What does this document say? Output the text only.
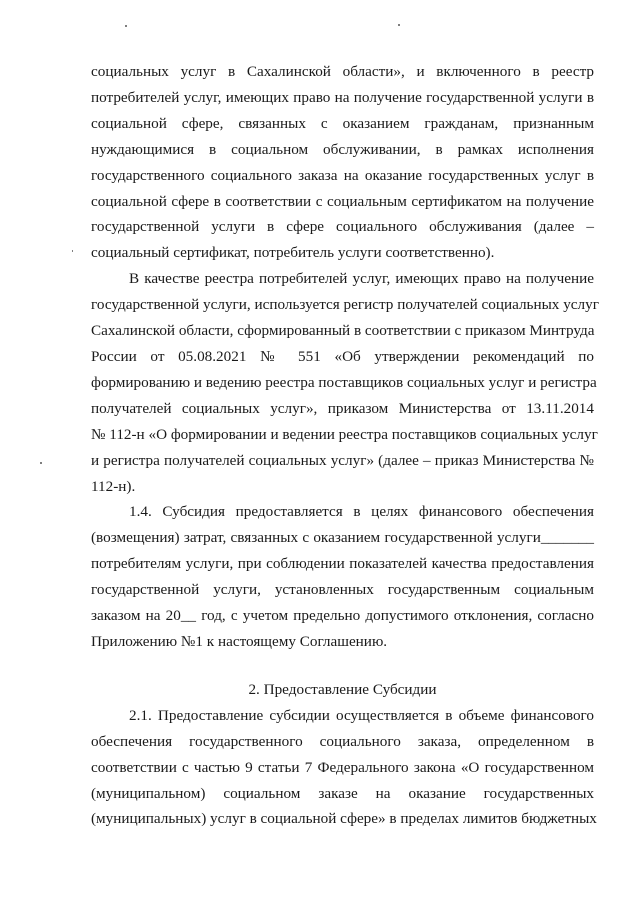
социальных услуг в Сахалинской области», и включенного в реестр
потребителей услуг, имеющих право на получение государственной услуги в
социальной сфере, связанных с оказанием гражданам, признанным
нуждающимися в социальном обслуживании, в рамках исполнения
государственного социального заказа на оказание государственных услуг в
социальной сфере в соответствии с социальным сертификатом на получение
государственной услуги в сфере социального обслуживания (далее –
социальный сертификат, потребитель услуги соответственно).

В качестве реестра потребителей услуг, имеющих право на получение
государственной услуги, используется регистр получателей социальных услуг
Сахалинской области, сформированный в соответствии с приказом Минтруда
России от 05.08.2021 № 551 «Об утверждении рекомендаций по
формированию и ведению реестра поставщиков социальных услуг и регистра
получателей социальных услуг», приказом Министерства от 13.11.2014
№ 112-н «О формировании и ведении реестра поставщиков социальных услуг
и регистра получателей социальных услуг» (далее – приказ Министерства №
112-н).

1.4. Субсидия предоставляется в целях финансового обеспечения
(возмещения) затрат, связанных с оказанием государственной услуги_______
потребителям услуги, при соблюдении показателей качества предоставления
государственной услуги, установленных государственным социальным
заказом на 20__ год, с учетом предельно допустимого отклонения, согласно
Приложению №1 к настоящему Соглашению.

2. Предоставление Субсидии

2.1. Предоставление субсидии осуществляется в объеме финансового
обеспечения государственного социального заказа, определенном в
соответствии с частью 9 статьи 7 Федерального закона «О государственном
(муниципальном) социальном заказе на оказание государственных
(муниципальных) услуг в социальной сфере» в пределах лимитов бюджетных
